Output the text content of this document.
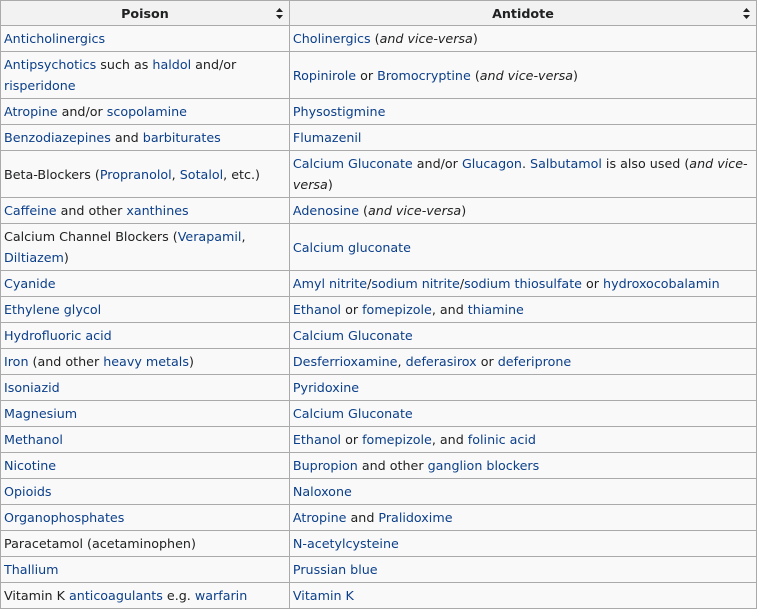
Poison	Antidote

Anticholinergics	Cholinergics (and vice-versa)
Antipsychotics such as haldol and/or risperidone	Ropinirole or Bromocryptine (and vice-versa)
Atropine and/or scopolamine	Physostigmine
Benzodiazepines and barbiturates	Flumazenil
Beta-Blockers (Propranolol, Sotalol, etc.)	Calcium Gluconate and/or Glucagon. Salbutamol is also used (and vice-versa)
Caffeine and other xanthines	Adenosine (and vice-versa)
Calcium Channel Blockers (Verapamil, Diltiazem)	Calcium gluconate
Cyanide	Amyl nitrite/sodium nitrite/sodium thiosulfate or hydroxocobalamin
Ethylene glycol	Ethanol or fomepizole, and thiamine
Hydrofluoric acid	Calcium Gluconate
Iron (and other heavy metals)	Desferrioxamine, deferasirox or deferiprone
Isoniazid	Pyridoxine
Magnesium	Calcium Gluconate
Methanol	Ethanol or fomepizole, and folinic acid
Nicotine	Bupropion and other ganglion blockers
Opioids	Naloxone
Organophosphates	Atropine and Pralidoxime
Paracetamol (acetaminophen)	N-acetylcysteine
Thallium	Prussian blue
Vitamin K anticoagulants e.g. warfarin	Vitamin K
